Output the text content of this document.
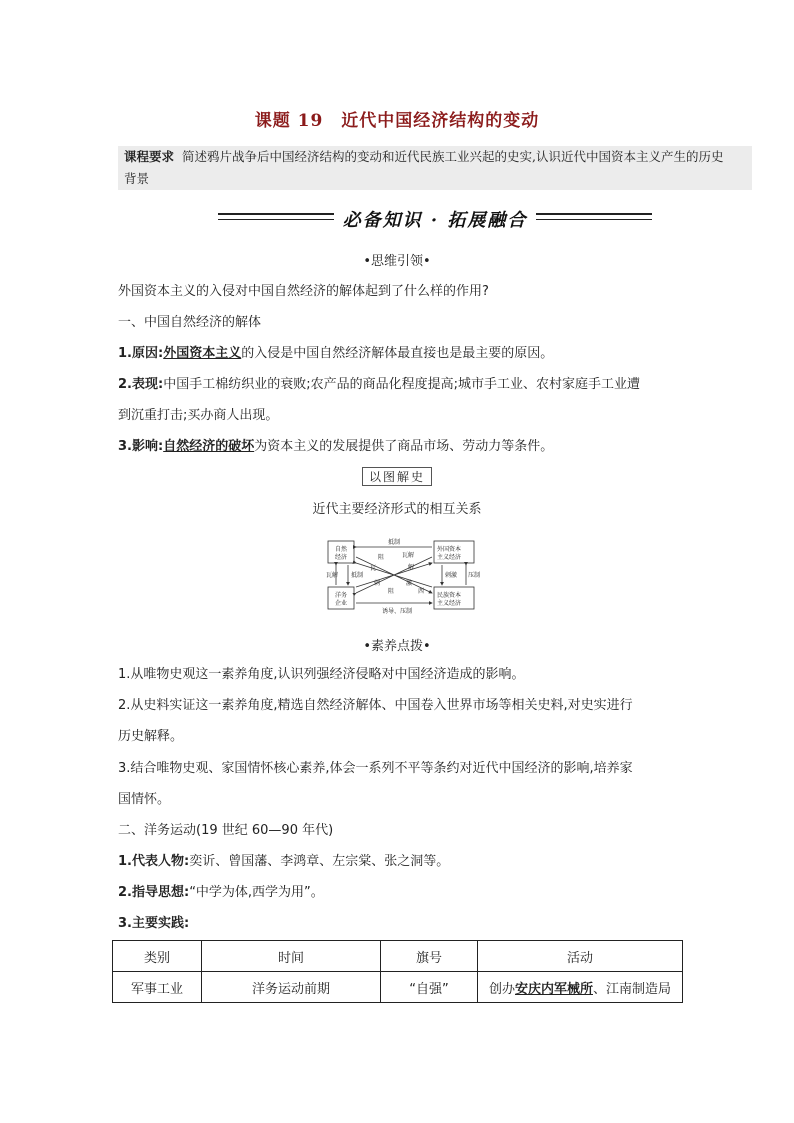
课题 19　近代中国经济结构的变动
课程要求 简述鸦片战争后中国经济结构的变动和近代民族工业兴起的史实,认识近代中国资本主义产生的历史
背景
必备知识 · 拓展融合
•思维引领•
外国资本主义的入侵对中国自然经济的解体起到了什么样的作用?
一、中国自然经济的解体
1.原因:外国资本主义的入侵是中国自然经济解体最直接也是最主要的原因。
2.表现:中国手工棉纺织业的衰败;农产品的商品化程度提高;城市手工业、农村家庭手工业遭
到沉重打击;买办商人出现。
3.影响:自然经济的破坏为资本主义的发展提供了商品市场、劳动力等条件。
以图解史
近代主要经济形式的相互关系
自然
经济
外国资本
主义经济
洋务
企业
民族资本
主义经济
抵制
诱导、压制
瓦解 抵制	刺激 压制
瓦解
瓦
阻
刺
阻
解
激
西
•素养点拨•
1.从唯物史观这一素养角度,认识列强经济侵略对中国经济造成的影响。
2.从史料实证这一素养角度,精选自然经济解体、中国卷入世界市场等相关史料,对史实进行
历史解释。
3.结合唯物史观、家国情怀核心素养,体会一系列不平等条约对近代中国经济的影响,培养家
国情怀。
二、洋务运动(19 世纪 60—90 年代)
1.代表人物:奕䜣、曾国藩、李鸿章、左宗棠、张之洞等。
2.指导思想:“中学为体,西学为用”。
3.主要实践:
类别	时间	旗号	活动
军事工业	洋务运动前期	“自强”	创办安庆内军械所、江南制造局
